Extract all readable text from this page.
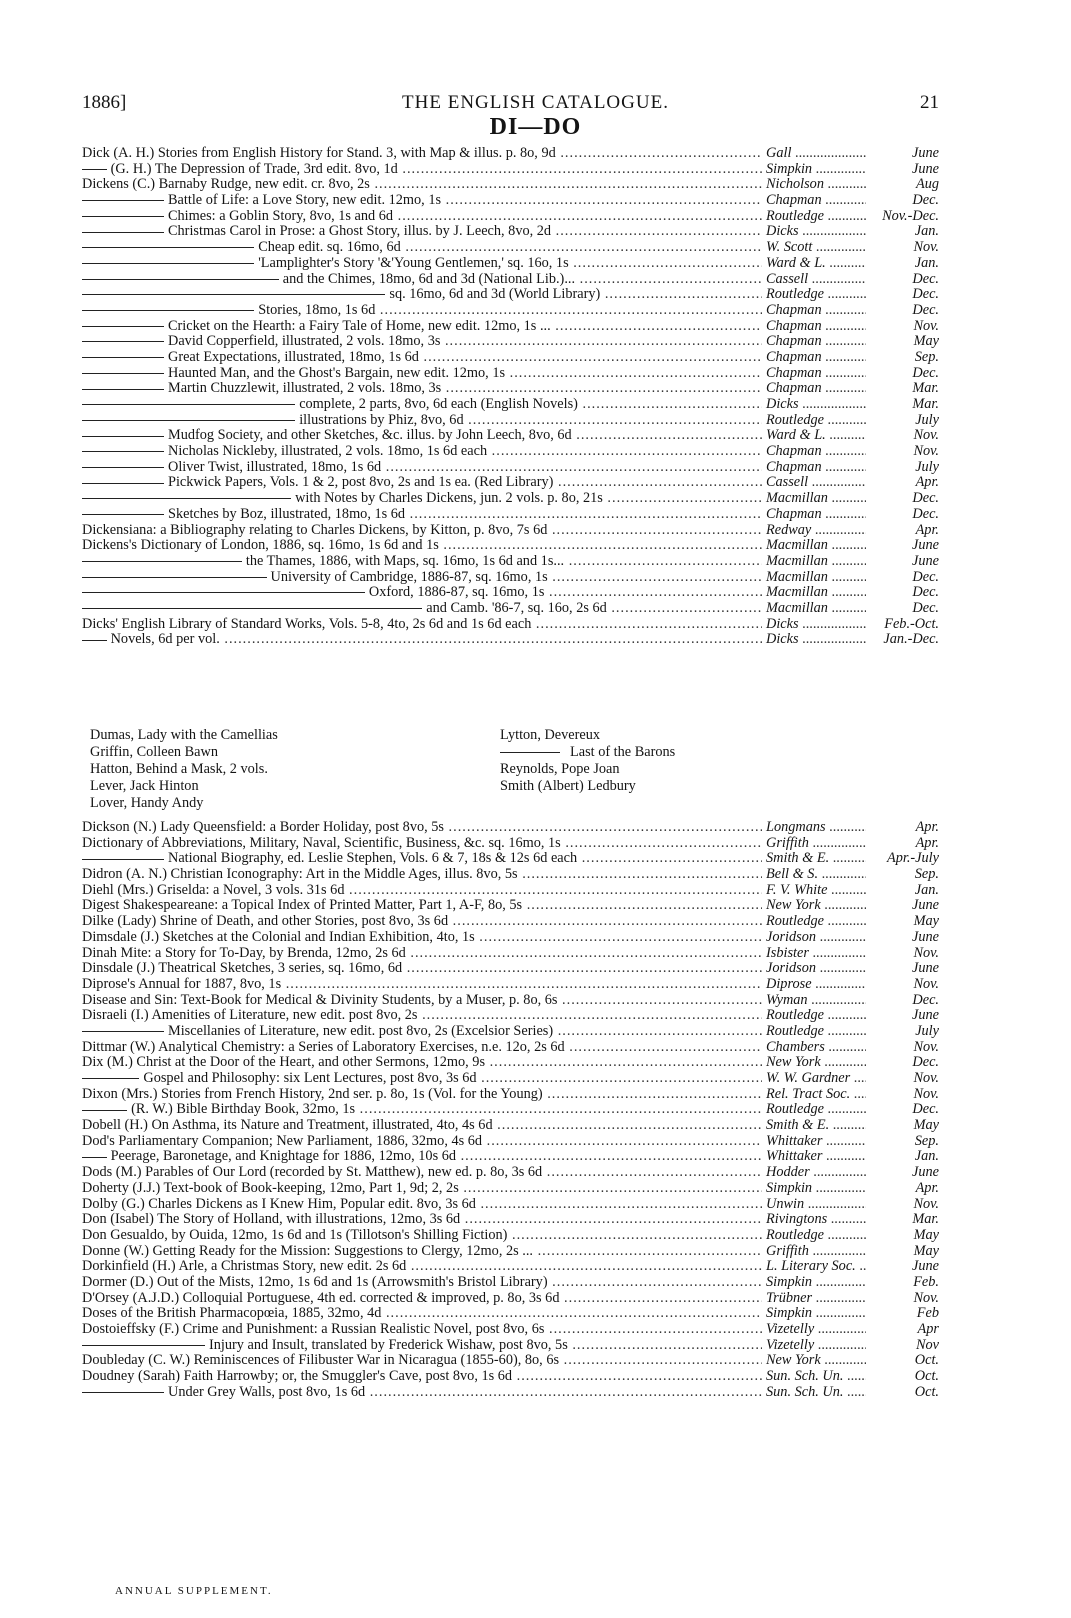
1886]	THE ENGLISH CATALOGUE.	21
DI—DO
Dick (A. H.) Stories from English History for Stand. 3, with Map & illus. p. 8o, 9d .....	Gall .....	June
(G. H.) The Depression of Trade, 3rd edit. 8vo, 1d .....	Simpkin .....	June
Dickens (C.) Barnaby Rudge, new edit. cr. 8vo, 2s .....	Nicholson .....	Aug
Battle of Life: a Love Story, new edit. 12mo, 1s .....	Chapman .....	Dec.
Chimes: a Goblin Story, 8vo, 1s and 6d .....	Routledge .....	Nov.-Dec.
Christmas Carol in Prose: a Ghost Story, illus. by J. Leech, 8vo, 2d .....	Dicks .....	Jan.
Cheap edit. sq. 16mo, 6d .....	W. Scott .....	Nov.
'Lamplighter's Story '&'Young Gentlemen,' sq. 16o, 1s .....	Ward & L. .....	Jan.
and the Chimes, 18mo, 6d and 3d (National Lib.)... .....	Cassell .....	Dec.
sq. 16mo, 6d and 3d (World Library) .....	Routledge .....	Dec.
Stories, 18mo, 1s 6d .....	Chapman .....	Dec.
Cricket on the Hearth: a Fairy Tale of Home, new edit. 12mo, 1s ... .....	Chapman .....	Nov.
David Copperfield, illustrated, 2 vols. 18mo, 3s .....	Chapman .....	May
Great Expectations, illustrated, 18mo, 1s 6d .....	Chapman .....	Sep.
Haunted Man, and the Ghost's Bargain, new edit. 12mo, 1s .....	Chapman .....	Dec.
Martin Chuzzlewit, illustrated, 2 vols. 18mo, 3s .....	Chapman .....	Mar.
complete, 2 parts, 8vo, 6d each (English Novels) .....	Dicks .....	Mar.
illustrations by Phiz, 8vo, 6d .....	Routledge .....	July
Mudfog Society, and other Sketches, &c. illus. by John Leech, 8vo, 6d .....	Ward & L. .....	Nov.
Nicholas Nickleby, illustrated, 2 vols. 18mo, 1s 6d each .....	Chapman .....	Nov.
Oliver Twist, illustrated, 18mo, 1s 6d .....	Chapman .....	July
Pickwick Papers, Vols. 1 & 2, post 8vo, 2s and 1s ea. (Red Library) .....	Cassell .....	Apr.
with Notes by Charles Dickens, jun. 2 vols. p. 8o, 21s .....	Macmillan .....	Dec.
Sketches by Boz, illustrated, 18mo, 1s 6d .....	Chapman .....	Dec.
Dickensiana: a Bibliography relating to Charles Dickens, by Kitton, p. 8vo, 7s 6d .....	Redway .....	Apr.
Dickens's Dictionary of London, 1886, sq. 16mo, 1s 6d and 1s .....	Macmillan .....	June
the Thames, 1886, with Maps, sq. 16mo, 1s 6d and 1s... .....	Macmillan .....	June
University of Cambridge, 1886-87, sq. 16mo, 1s .....	Macmillan .....	Dec.
Oxford, 1886-87, sq. 16mo, 1s .....	Macmillan .....	Dec.
and Camb. '86-7, sq. 16o, 2s 6d .....	Macmillan .....	Dec.
Dicks' English Library of Standard Works, Vols. 5-8, 4to, 2s 6d and 1s 6d each .....	Dicks .....	Feb.-Oct.
Novels, 6d per vol. .....	Dicks .....	Jan.-Dec.
Dumas, Lady with the Camellias
Griffin, Colleen Bawn
Hatton, Behind a Mask, 2 vols.
Lever, Jack Hinton
Lover, Handy Andy
Lytton, Devereux
Last of the Barons
Reynolds, Pope Joan
Smith (Albert) Ledbury
Dickson (N.) Lady Queensfield: a Border Holiday, post 8vo, 5s .....	Longmans .....	Apr.
Dictionary of Abbreviations, Military, Naval, Scientific, Business, &c. sq. 16mo, 1s .....	Griffith .....	Apr.
National Biography, ed. Leslie Stephen, Vols. 6 & 7, 18s & 12s 6d each .....	Smith & E. .....	Apr.-July
Didron (A. N.) Christian Iconography: Art in the Middle Ages, illus. 8vo, 5s .....	Bell & S. .....	Sep.
Diehl (Mrs.) Griselda: a Novel, 3 vols. 31s 6d .....	F. V. White .....	Jan.
Digest Shakespeareane: a Topical Index of Printed Matter, Part 1, A-F, 8o, 5s .....	New York .....	June
Dilke (Lady) Shrine of Death, and other Stories, post 8vo, 3s 6d .....	Routledge .....	May
Dimsdale (J.) Sketches at the Colonial and Indian Exhibition, 4to, 1s .....	Joridson .....	June
Dinah Mite: a Story for To-Day, by Brenda, 12mo, 2s 6d .....	Isbister .....	Nov.
Dinsdale (J.) Theatrical Sketches, 3 series, sq. 16mo, 6d .....	Joridson .....	June
Diprose's Annual for 1887, 8vo, 1s .....	Diprose .....	Nov.
Disease and Sin: Text-Book for Medical & Divinity Students, by a Muser, p. 8o, 6s .....	Wyman .....	Dec.
Disraeli (I.) Amenities of Literature, new edit. post 8vo, 2s .....	Routledge .....	June
Miscellanies of Literature, new edit. post 8vo, 2s (Excelsior Series) .....	Routledge .....	July
Dittmar (W.) Analytical Chemistry: a Series of Laboratory Exercises, n.e. 12o, 2s 6d .....	Chambers .....	Nov.
Dix (M.) Christ at the Door of the Heart, and other Sermons, 12mo, 9s .....	New York .....	Dec.
Gospel and Philosophy: six Lent Lectures, post 8vo, 3s 6d .....	W. W. Gardner .....	Nov.
Dixon (Mrs.) Stories from French History, 2nd ser. p. 8o, 1s (Vol. for the Young) .....	Rel. Tract Soc. .....	Nov.
(R. W.) Bible Birthday Book, 32mo, 1s .....	Routledge .....	Dec.
Dobell (H.) On Asthma, its Nature and Treatment, illustrated, 4to, 4s 6d .....	Smith & E. .....	May
Dod's Parliamentary Companion; New Parliament, 1886, 32mo, 4s 6d .....	Whittaker .....	Sep.
Peerage, Baronetage, and Knightage for 1886, 12mo, 10s 6d .....	Whittaker .....	Jan.
Dods (M.) Parables of Our Lord (recorded by St. Matthew), new ed. p. 8o, 3s 6d .....	Hodder .....	June
Doherty (J.J.) Text-book of Book-keeping, 12mo, Part 1, 9d; 2, 2s .....	Simpkin .....	Apr.
Dolby (G.) Charles Dickens as I Knew Him, Popular edit. 8vo, 3s 6d .....	Unwin .....	Nov.
Don (Isabel) The Story of Holland, with illustrations, 12mo, 3s 6d .....	Rivingtons .....	Mar.
Don Gesualdo, by Ouida, 12mo, 1s 6d and 1s (Tillotson's Shilling Fiction) .....	Routledge .....	May
Donne (W.) Getting Ready for the Mission: Suggestions to Clergy, 12mo, 2s ... .....	Griffith .....	May
Dorkinfield (H.) Arle, a Christmas Story, new edit. 2s 6d .....	L. Literary Soc. .....	June
Dormer (D.) Out of the Mists, 12mo, 1s 6d and 1s (Arrowsmith's Bristol Library) .....	Simpkin .....	Feb.
D'Orsey (A.J.D.) Colloquial Portuguese, 4th ed. corrected & improved, p. 8o, 3s 6d .....	Trübner .....	Nov.
Doses of the British Pharmacopœia, 1885, 32mo, 4d .....	Simpkin .....	Feb
Dostoieffsky (F.) Crime and Punishment: a Russian Realistic Novel, post 8vo, 6s .....	Vizetelly .....	Apr
Injury and Insult, translated by Frederick Wishaw, post 8vo, 5s .....	Vizetelly .....	Nov
Doubleday (C. W.) Reminiscences of Filibuster War in Nicaragua (1855-60), 8o, 6s .....	New York .....	Oct.
Doudney (Sarah) Faith Harrowby; or, the Smuggler's Cave, post 8vo, 1s 6d .....	Sun. Sch. Un. .....	Oct.
Under Grey Walls, post 8vo, 1s 6d .....	Sun. Sch. Un. .....	Oct.
ANNUAL SUPPLEMENT.
